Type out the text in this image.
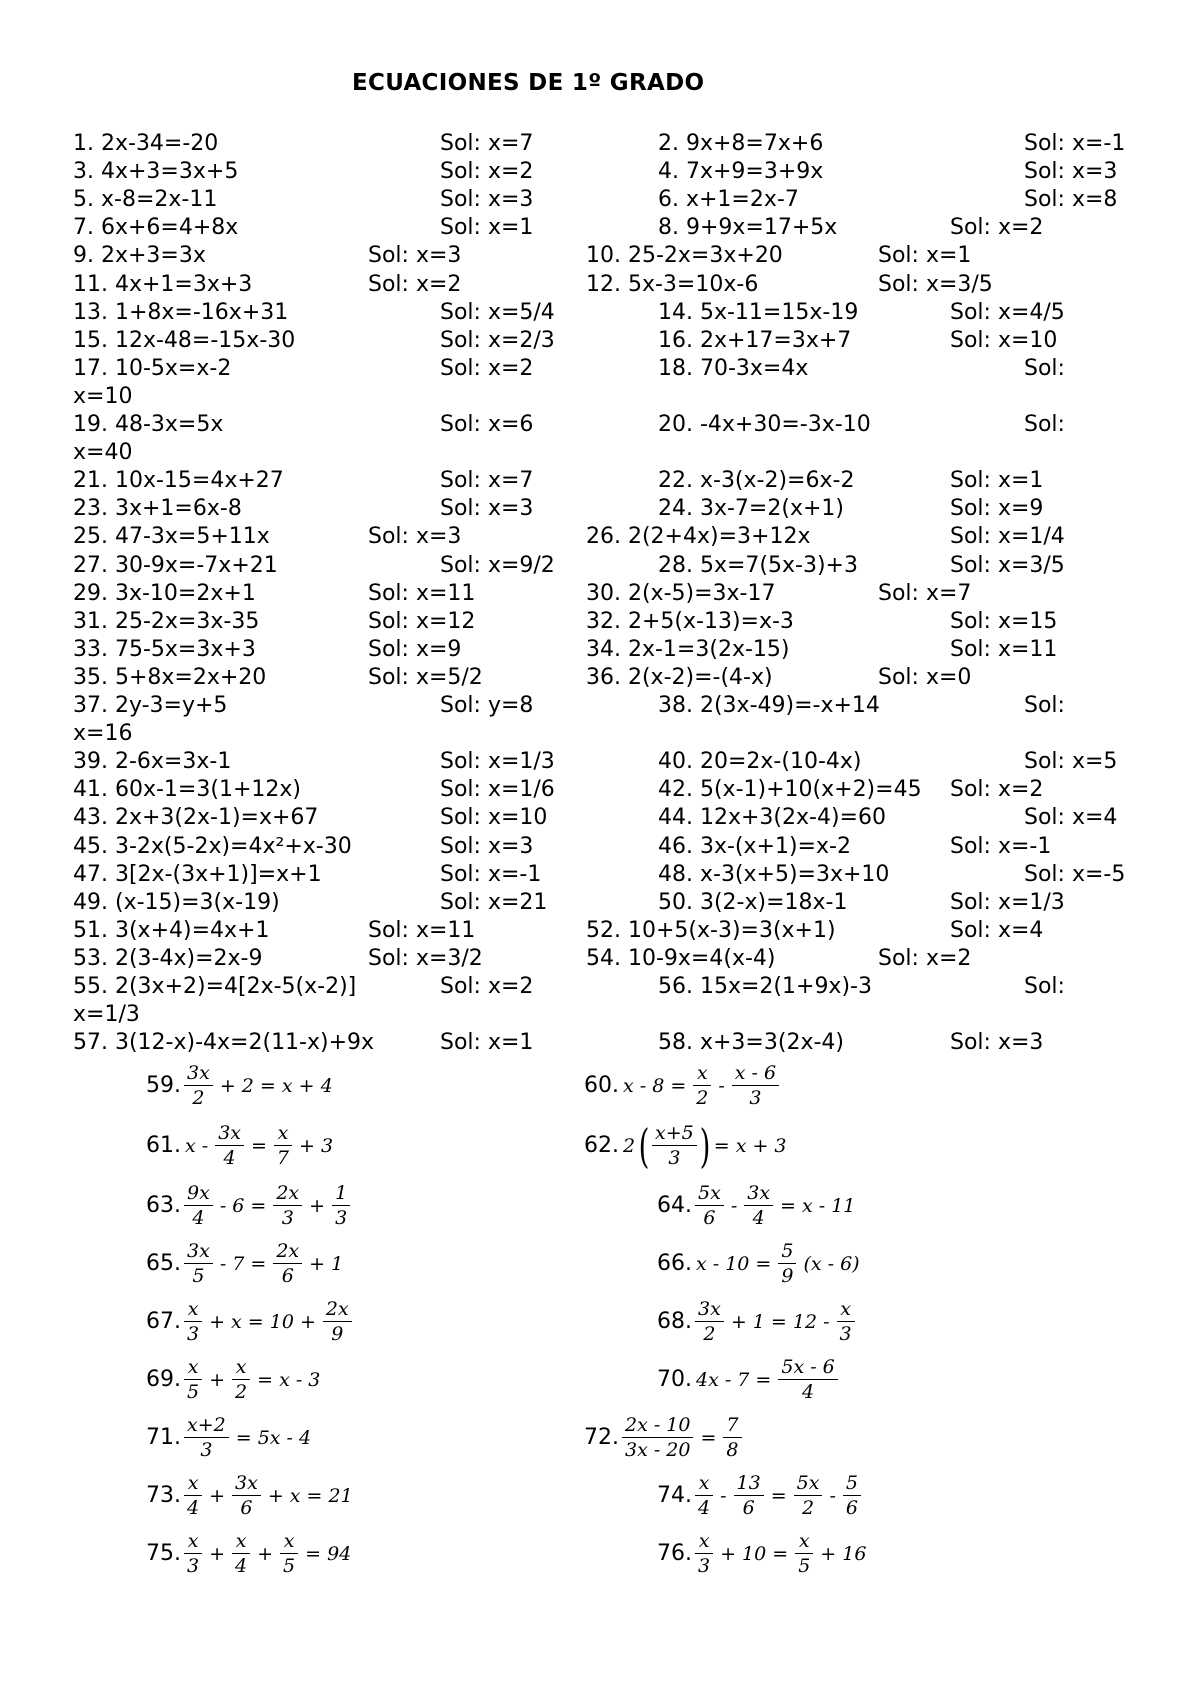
ECUACIONES DE 1º GRADO
1. 2x-34=-20	Sol: x=7	2. 9x+8=7x+6	Sol: x=-1
3. 4x+3=3x+5	Sol: x=2	4. 7x+9=3+9x	Sol: x=3
5. x-8=2x-11	Sol: x=3	6. x+1=2x-7	Sol: x=8
7. 6x+6=4+8x	Sol: x=1	8. 9+9x=17+5x	Sol: x=2
9. 2x+3=3x	Sol: x=3	10. 25-2x=3x+20	Sol: x=1
11. 4x+1=3x+3	Sol: x=2	12. 5x-3=10x-6	Sol: x=3/5
13. 1+8x=-16x+31	Sol: x=5/4	14. 5x-11=15x-19	Sol: x=4/5
15. 12x-48=-15x-30	Sol: x=2/3	16. 2x+17=3x+7	Sol: x=10
17. 10-5x=x-2	Sol: x=2	18. 70-3x=4x	Sol:
x=10
19. 48-3x=5x	Sol: x=6	20. -4x+30=-3x-10	Sol:
x=40
21. 10x-15=4x+27	Sol: x=7	22. x-3(x-2)=6x-2	Sol: x=1
23. 3x+1=6x-8	Sol: x=3	24. 3x-7=2(x+1)	Sol: x=9
25. 47-3x=5+11x	Sol: x=3	26. 2(2+4x)=3+12x	Sol: x=1/4
27. 30-9x=-7x+21	Sol: x=9/2	28. 5x=7(5x-3)+3	Sol: x=3/5
29. 3x-10=2x+1	Sol: x=11	30. 2(x-5)=3x-17	Sol: x=7
31. 25-2x=3x-35	Sol: x=12	32. 2+5(x-13)=x-3	Sol: x=15
33. 75-5x=3x+3	Sol: x=9	34. 2x-1=3(2x-15)	Sol: x=11
35. 5+8x=2x+20	Sol: x=5/2	36. 2(x-2)=-(4-x)	Sol: x=0
37. 2y-3=y+5	Sol: y=8	38. 2(3x-49)=-x+14	Sol:
x=16
39. 2-6x=3x-1	Sol: x=1/3	40. 20=2x-(10-4x)	Sol: x=5
41. 60x-1=3(1+12x)	Sol: x=1/6	42. 5(x-1)+10(x+2)=45 Sol: x=2
43. 2x+3(2x-1)=x+67	Sol: x=10	44. 12x+3(2x-4)=60	Sol: x=4
45. 3-2x(5-2x)=4x²+x-30	Sol: x=3	46. 3x-(x+1)=x-2	Sol: x=-1
47. 3[2x-(3x+1)]=x+1	Sol: x=-1	48. x-3(x+5)=3x+10	Sol: x=-5
49. (x-15)=3(x-19)	Sol: x=21	50. 3(2-x)=18x-1	Sol: x=1/3
51. 3(x+4)=4x+1	Sol: x=11	52. 10+5(x-3)=3(x+1)	Sol: x=4
53. 2(3-4x)=2x-9	Sol: x=3/2	54. 10-9x=4(x-4)	Sol: x=2
55. 2(3x+2)=4[2x-5(x-2)]	Sol: x=2	56. 15x=2(1+9x)-3	Sol:
x=1/3
57. 3(12-x)-4x=2(11-x)+9x	Sol: x=1	58. x+3=3(2x-4)	Sol: x=3
59. $\frac{3x}{2} + 2 = x + 4$	60. $x - 8 = \frac{x}{2} - \frac{x - 6}{3}$
61. $x - \frac{3x}{4} = \frac{x}{7} + 3$	62. $2( \frac{x+5}{3}$ ) = x + 3
63. $\frac{9x}{4} - 6 = \frac{2x}{3} + \frac{1}{3}$	64. $\frac{5x}{6} - \frac{3x}{4} = x - 11$
65. $\frac{3x}{5} - 7 = \frac{2x}{6} + 1$	66. $x - 10 = \frac{5}{9} (x - 6)$
67. $\frac{x}{3} + x = 10 + \frac{2x}{9}$	68. $\frac{3x}{2} + 1 = 12 - \frac{x}{3}$
69. $\frac{x}{5} + \frac{x}{2} = x - 3$	70. $4x - 7 = \frac{5x - 6}{4}$
71. $\frac{x+2}{3} = 5x - 4$	72. $\frac{2x - 10}{3x - 20} = \frac{7}{8}$
73. $\frac{x}{4} + \frac{3x}{6} + x = 21$	74. $\frac{x}{4} - \frac{13}{6} = \frac{5x}{2} - \frac{5}{6}$
75. $\frac{x}{3} + \frac{x}{4} + \frac{x}{5} = 94$	76. $\frac{x}{3} + 10 = \frac{x}{5} + 16$
